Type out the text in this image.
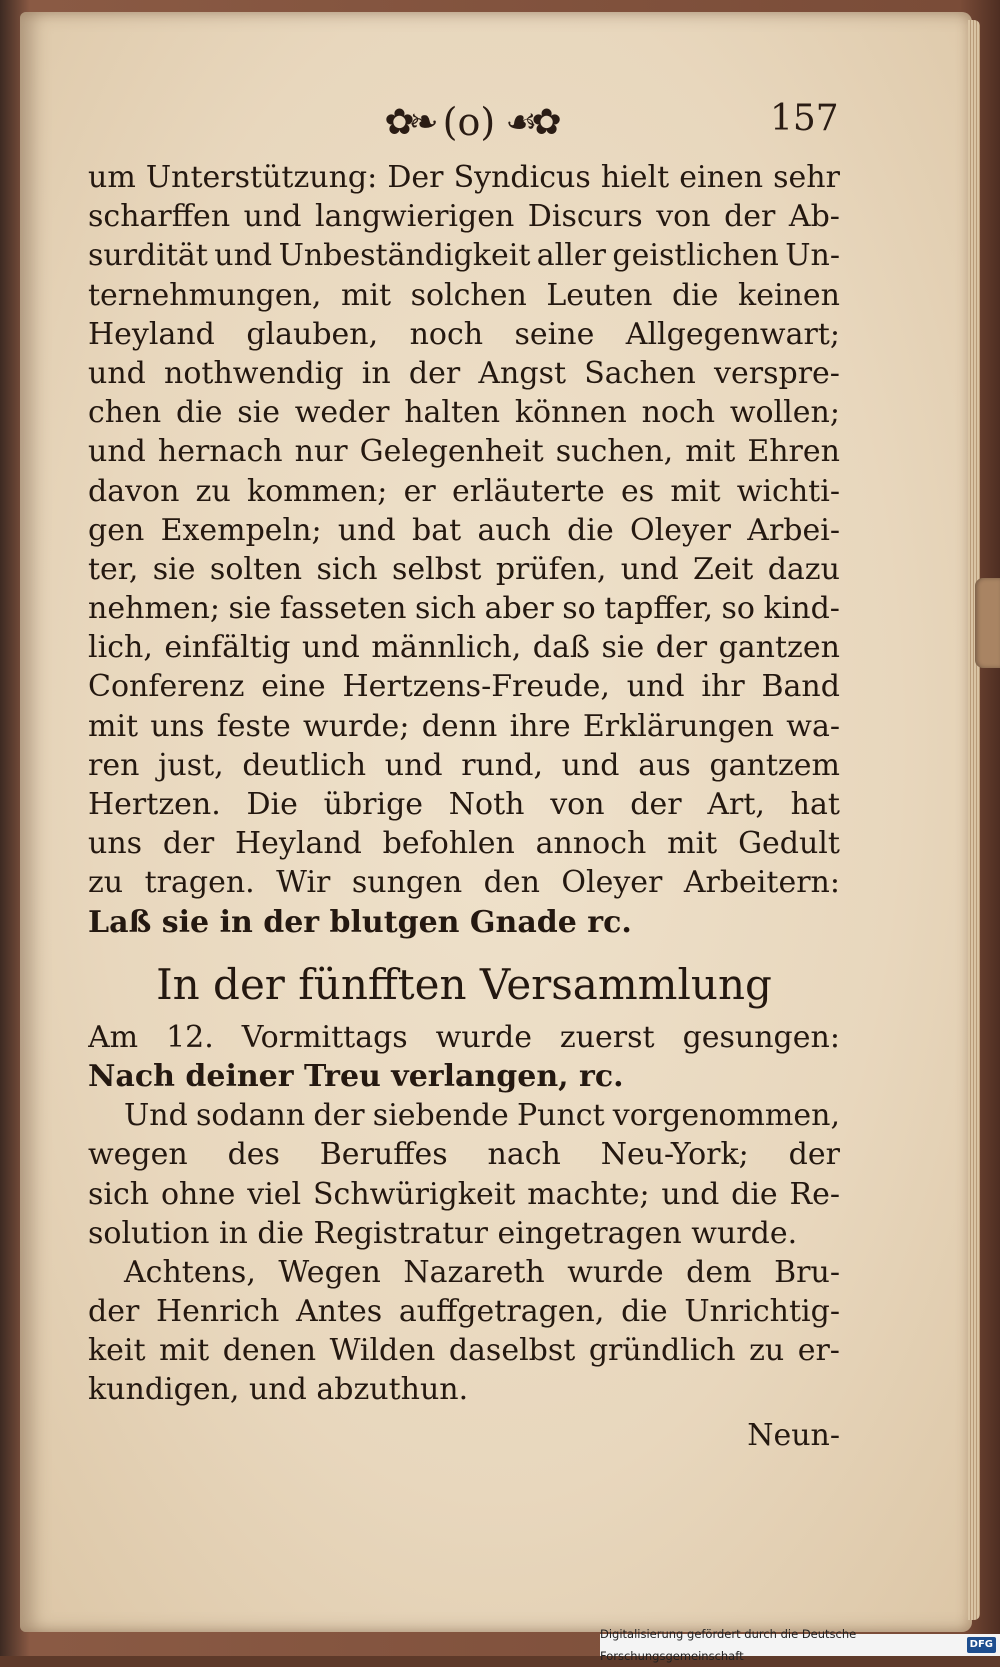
✿❧ (o) ☙✿	157
um Unterstützung: Der Syndicus hielt einen sehr
scharffen und langwierigen Discurs von der Ab-
surdität und Unbeständigkeit aller geistlichen Un-
ternehmungen, mit solchen Leuten die keinen
Heyland glauben, noch seine Allgegenwart;
und nothwendig in der Angst Sachen verspre-
chen die sie weder halten können noch wollen;
und hernach nur Gelegenheit suchen, mit Ehren
davon zu kommen; er erläuterte es mit wichti-
gen Exempeln; und bat auch die Oleyer Arbei-
ter, sie solten sich selbst prüfen, und Zeit dazu
nehmen; sie fasseten sich aber so tapffer, so kind-
lich, einfältig und männlich, daß sie der gantzen
Conferenz eine Hertzens-Freude, und ihr Band
mit uns feste wurde; denn ihre Erklärungen wa-
ren just, deutlich und rund, und aus gantzem
Hertzen. Die übrige Noth von der Art, hat
uns der Heyland befohlen annoch mit Gedult
zu tragen. Wir sungen den Oleyer Arbeitern:
Laß sie in der blutgen Gnade rc.
In der fünfften Versammlung
Am 12. Vormittags wurde zuerst gesungen:
Nach deiner Treu verlangen, rc.
Und sodann der siebende Punct vorgenommen,
wegen des Beruffes nach Neu-York; der
sich ohne viel Schwürigkeit machte; und die Re-
solution in die Registratur eingetragen wurde.
Achtens, Wegen Nazareth wurde dem Bru-
der Henrich Antes auffgetragen, die Unrichtig-
keit mit denen Wilden daselbst gründlich zu er-
kundigen, und abzuthun.
Neun-
Digitalisierung gefördert durch die Deutsche Forschungsgemeinschaft
DFG
